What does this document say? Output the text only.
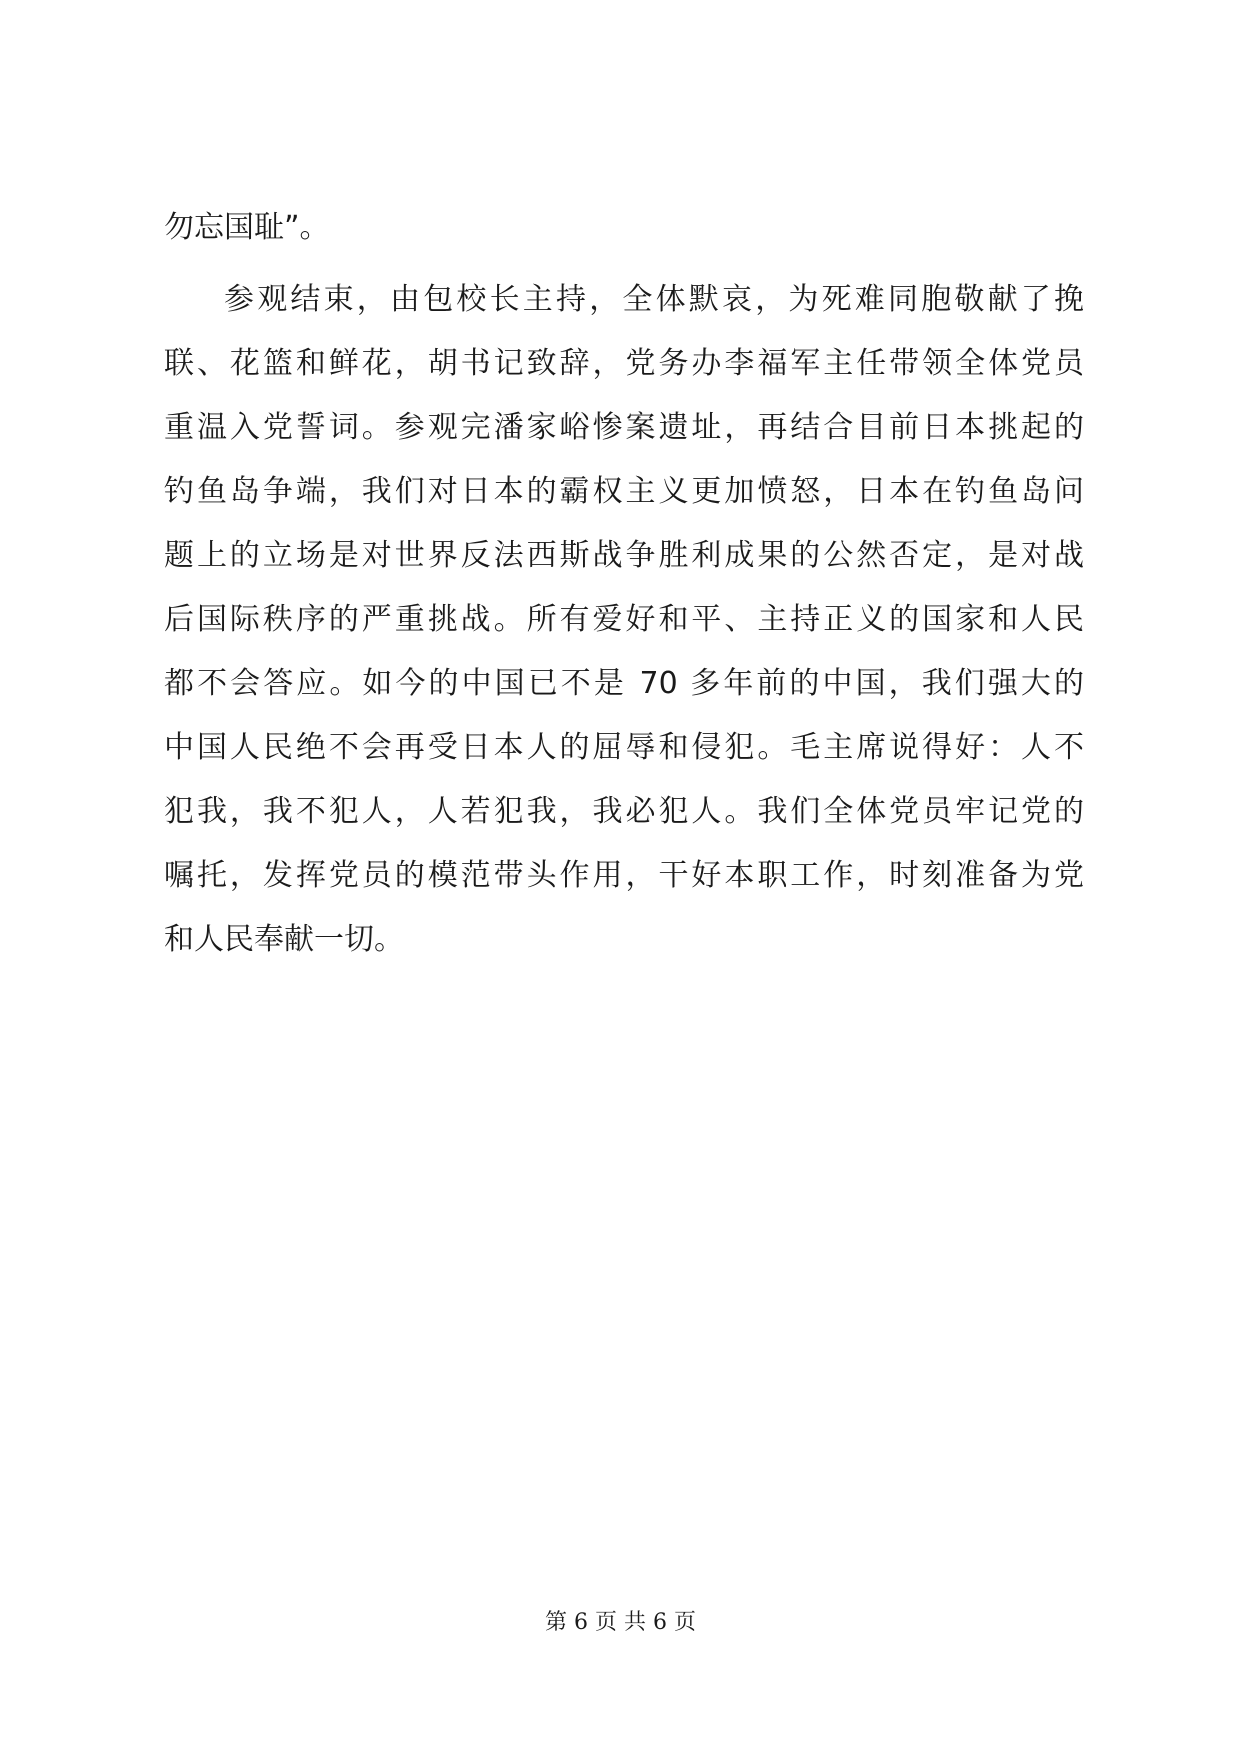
勿忘国耻”。
参观结束，由包校长主持，全体默哀，为死难同胞敬献了挽
联、花篮和鲜花，胡书记致辞，党务办李福军主任带领全体党员
重温入党誓词。参观完潘家峪惨案遗址，再结合目前日本挑起的
钓鱼岛争端，我们对日本的霸权主义更加愤怒，日本在钓鱼岛问
题上的立场是对世界反法西斯战争胜利成果的公然否定，是对战
后国际秩序的严重挑战。所有爱好和平、主持正义的国家和人民
都不会答应。如今的中国已不是 70 多年前的中国，我们强大的
中国人民绝不会再受日本人的屈辱和侵犯。毛主席说得好：人不
犯我，我不犯人，人若犯我，我必犯人。我们全体党员牢记党的
嘱托，发挥党员的模范带头作用，干好本职工作，时刻准备为党
和人民奉献一切。
第 6 页 共 6 页
